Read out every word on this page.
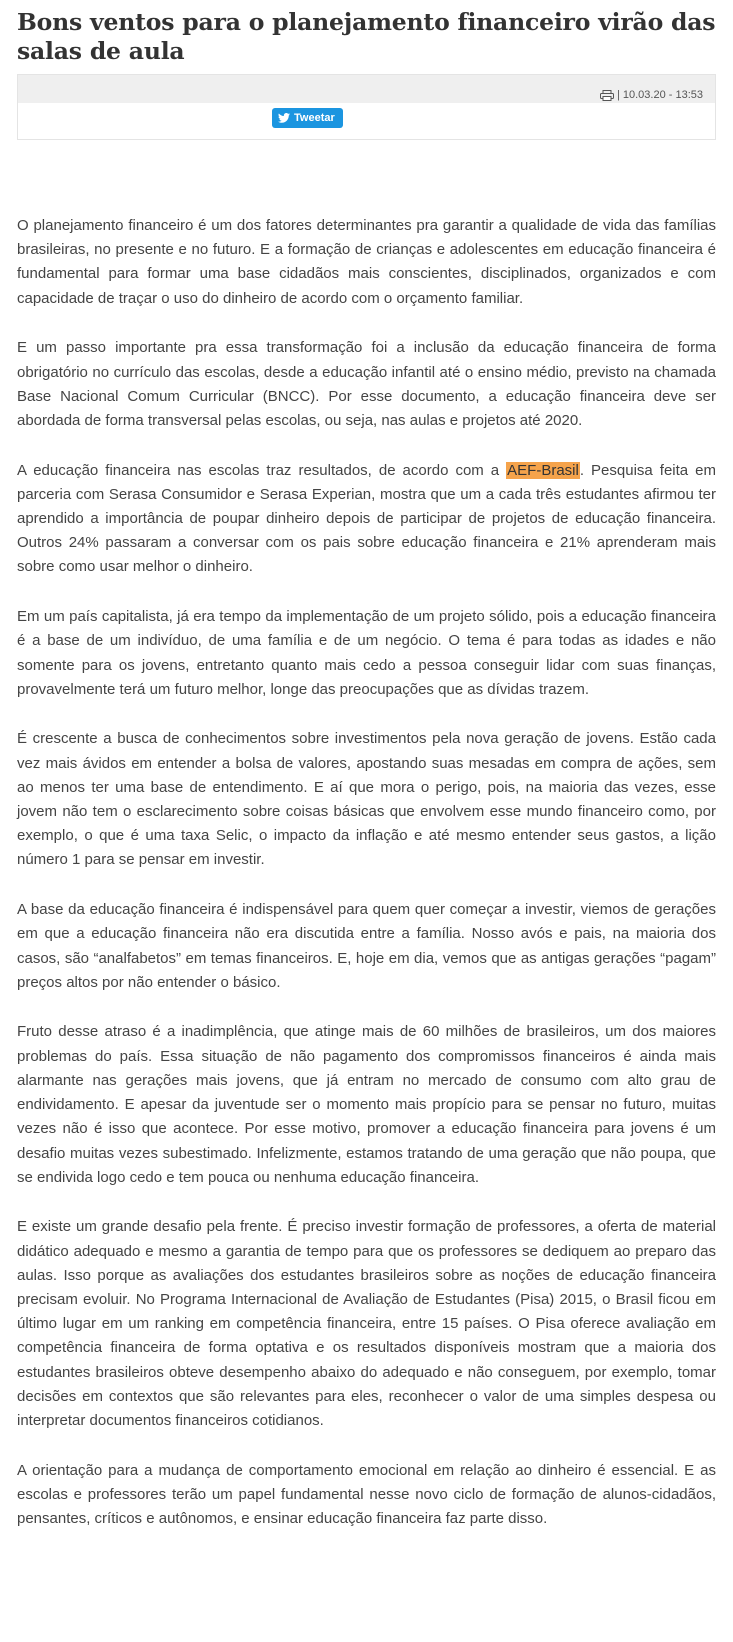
Bons ventos para o planejamento financeiro virão das salas de aula
| 10.03.20 - 13:53
Tweetar

O planejamento financeiro é um dos fatores determinantes pra garantir a qualidade de vida das famílias brasileiras, no presente e no futuro. E a formação de crianças e adolescentes em educação financeira é fundamental para formar uma base cidadãos mais conscientes, disciplinados, organizados e com capacidade de traçar o uso do dinheiro de acordo com o orçamento familiar.

E um passo importante pra essa transformação foi a inclusão da educação financeira de forma obrigatório no currículo das escolas, desde a educação infantil até o ensino médio, previsto na chamada Base Nacional Comum Curricular (BNCC). Por esse documento, a educação financeira deve ser abordada de forma transversal pelas escolas, ou seja, nas aulas e projetos até 2020.

A educação financeira nas escolas traz resultados, de acordo com a AEF-Brasil. Pesquisa feita em parceria com Serasa Consumidor e Serasa Experian, mostra que um a cada três estudantes afirmou ter aprendido a importância de poupar dinheiro depois de participar de projetos de educação financeira. Outros 24% passaram a conversar com os pais sobre educação financeira e 21% aprenderam mais sobre como usar melhor o dinheiro.

Em um país capitalista, já era tempo da implementação de um projeto sólido, pois a educação financeira é a base de um indivíduo, de uma família e de um negócio. O tema é para todas as idades e não somente para os jovens, entretanto quanto mais cedo a pessoa conseguir lidar com suas finanças, provavelmente terá um futuro melhor, longe das preocupações que as dívidas trazem.

É crescente a busca de conhecimentos sobre investimentos pela nova geração de jovens. Estão cada vez mais ávidos em entender a bolsa de valores, apostando suas mesadas em compra de ações, sem ao menos ter uma base de entendimento. E aí que mora o perigo, pois, na maioria das vezes, esse jovem não tem o esclarecimento sobre coisas básicas que envolvem esse mundo financeiro como, por exemplo, o que é uma taxa Selic, o impacto da inflação e até mesmo entender seus gastos, a lição número 1 para se pensar em investir.

A base da educação financeira é indispensável para quem quer começar a investir, viemos de gerações em que a educação financeira não era discutida entre a família. Nosso avós e pais, na maioria dos casos, são “analfabetos” em temas financeiros. E, hoje em dia, vemos que as antigas gerações “pagam” preços altos por não entender o básico.

Fruto desse atraso é a inadimplência, que atinge mais de 60 milhões de brasileiros, um dos maiores problemas do país. Essa situação de não pagamento dos compromissos financeiros é ainda mais alarmante nas gerações mais jovens, que já entram no mercado de consumo com alto grau de endividamento. E apesar da juventude ser o momento mais propício para se pensar no futuro, muitas vezes não é isso que acontece. Por esse motivo, promover a educação financeira para jovens é um desafio muitas vezes subestimado. Infelizmente, estamos tratando de uma geração que não poupa, que se endivida logo cedo e tem pouca ou nenhuma educação financeira.

E existe um grande desafio pela frente. É preciso investir formação de professores, a oferta de material didático adequado e mesmo a garantia de tempo para que os professores se dediquem ao preparo das aulas. Isso porque as avaliações dos estudantes brasileiros sobre as noções de educação financeira precisam evoluir. No Programa Internacional de Avaliação de Estudantes (Pisa) 2015, o Brasil ficou em último lugar em um ranking em competência financeira, entre 15 países. O Pisa oferece avaliação em competência financeira de forma optativa e os resultados disponíveis mostram que a maioria dos estudantes brasileiros obteve desempenho abaixo do adequado e não conseguem, por exemplo, tomar decisões em contextos que são relevantes para eles, reconhecer o valor de uma simples despesa ou interpretar documentos financeiros cotidianos.

A orientação para a mudança de comportamento emocional em relação ao dinheiro é essencial. E as escolas e professores terão um papel fundamental nesse novo ciclo de formação de alunos-cidadãos, pensantes, críticos e autônomos, e ensinar educação financeira faz parte disso.
